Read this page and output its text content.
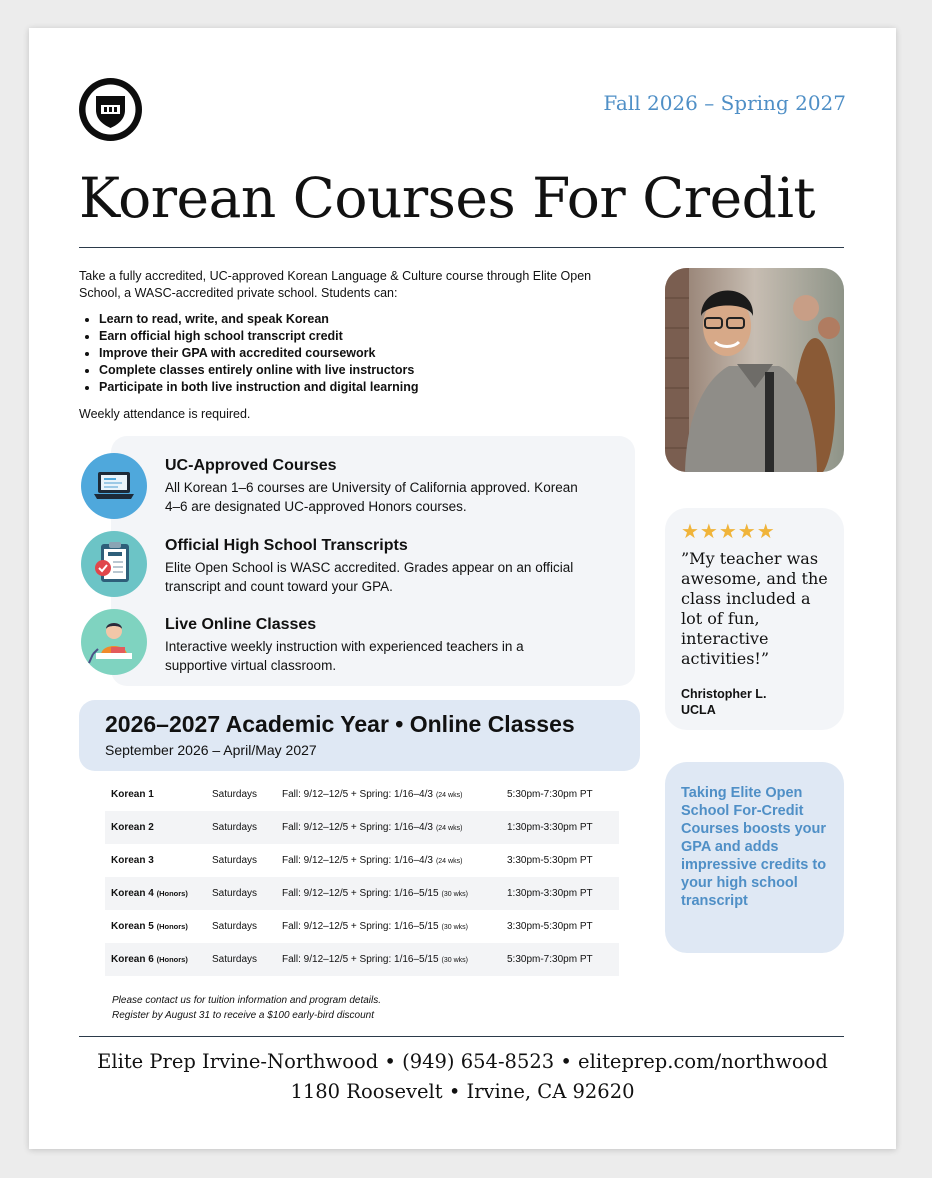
Fall 2026 – Spring 2027
Korean Courses For Credit
Take a fully accredited, UC-approved Korean Language & Culture course through Elite Open School, a WASC-accredited private school. Students can:
• Learn to read, write, and speak Korean
• Earn official high school transcript credit
• Improve their GPA with accredited coursework
• Complete classes entirely online with live instructors
• Participate in both live instruction and digital learning
Weekly attendance is required.
UC-Approved Courses
All Korean 1–6 courses are University of California approved. Korean 4–6 are designated UC-approved Honors courses.
Official High School Transcripts
Elite Open School is WASC accredited. Grades appear on an official transcript and count toward your GPA.
Live Online Classes
Interactive weekly instruction with experienced teachers in a supportive virtual classroom.
★★★★★
”My teacher was awesome, and the class included a lot of fun, interactive activities!”
Christopher L.
UCLA
Taking Elite Open School For-Credit Courses boosts your GPA and adds impressive credits to your high school transcript
2026–2027 Academic Year • Online Classes
September 2026 – April/May 2027
Korean 1	Saturdays	Fall: 9/12–12/5 + Spring: 1/16–4/3 (24 wks)	5:30pm-7:30pm PT
Korean 2	Saturdays	Fall: 9/12–12/5 + Spring: 1/16–4/3 (24 wks)	1:30pm-3:30pm PT
Korean 3	Saturdays	Fall: 9/12–12/5 + Spring: 1/16–4/3 (24 wks)	3:30pm-5:30pm PT
Korean 4 (Honors)	Saturdays	Fall: 9/12–12/5 + Spring: 1/16–5/15 (30 wks)	1:30pm-3:30pm PT
Korean 5 (Honors)	Saturdays	Fall: 9/12–12/5 + Spring: 1/16–5/15 (30 wks)	3:30pm-5:30pm PT
Korean 6 (Honors)	Saturdays	Fall: 9/12–12/5 + Spring: 1/16–5/15 (30 wks)	5:30pm-7:30pm PT
Please contact us for tuition information and program details.
Register by August 31 to receive a $100 early-bird discount
Elite Prep Irvine-Northwood • (949) 654-8523 • eliteprep.com/northwood
1180 Roosevelt • Irvine, CA 92620
